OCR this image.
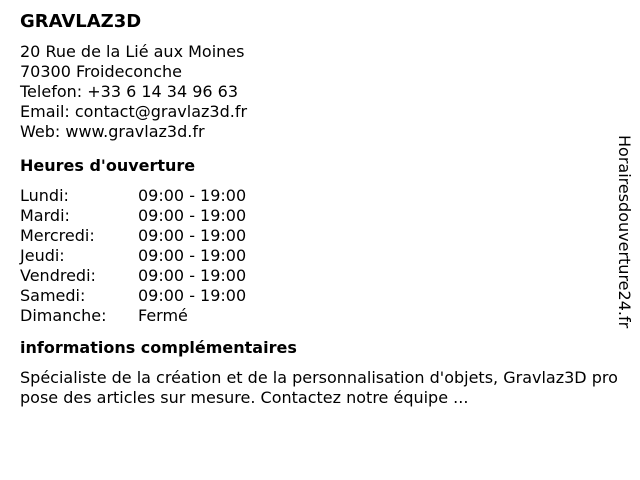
GRAVLAZ3D
20 Rue de la Lié aux Moines
70300 Froideconche
Telefon: +33 6 14 34 96 63
Email: contact@gravlaz3d.fr
Web: www.gravlaz3d.fr
Heures d'ouverture
Lundi:	09:00 - 19:00
Mardi:	09:00 - 19:00
Mercredi:	09:00 - 19:00
Jeudi:	09:00 - 19:00
Vendredi:	09:00 - 19:00
Samedi:	09:00 - 19:00
Dimanche:	Fermé
informations complémentaires
Spécialiste de la création et de la personnalisation d'objets, Gravlaz3D propose des articles sur mesure. Contactez notre équipe ...
Horairesdouverture24.fr
